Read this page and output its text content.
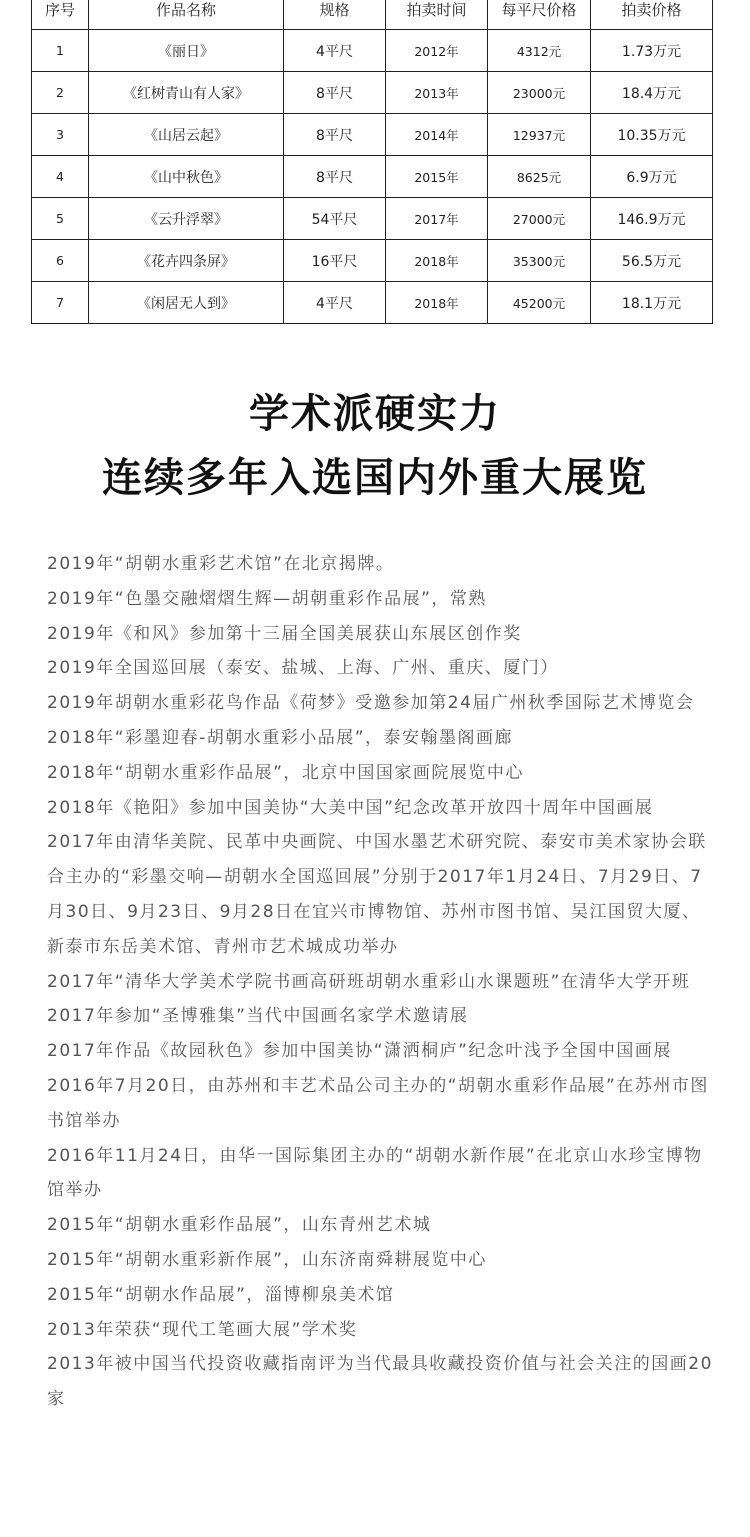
序号	作品名称	规格	拍卖时间	每平尺价格	拍卖价格
1	《丽日》	4平尺	2012年	4312元	1.73万元
2	《红树青山有人家》	8平尺	2013年	23000元	18.4万元
3	《山居云起》	8平尺	2014年	12937元	10.35万元
4	《山中秋色》	8平尺	2015年	8625元	6.9万元
5	《云升浮翠》	54平尺	2017年	27000元	146.9万元
6	《花卉四条屏》	16平尺	2018年	35300元	56.5万元
7	《闲居无人到》	4平尺	2018年	45200元	18.1万元
学术派硬实力
连续多年入选国内外重大展览
2019年“胡朝水重彩艺术馆”在北京揭牌。
2019年“色墨交融熠熠生辉—胡朝重彩作品展”，常熟
2019年《和风》参加第十三届全国美展获山东展区创作奖
2019年全国巡回展（泰安、盐城、上海、广州、重庆、厦门）
2019年胡朝水重彩花鸟作品《荷梦》受邀参加第24届广州秋季国际艺术博览会
2018年“彩墨迎春-胡朝水重彩小品展”，泰安翰墨阁画廊
2018年“胡朝水重彩作品展”，北京中国国家画院展览中心
2018年《艳阳》参加中国美协“大美中国”纪念改革开放四十周年中国画展
2017年由清华美院、民革中央画院、中国水墨艺术研究院、泰安市美术家协会联合主办的“彩墨交响—胡朝水全国巡回展”分别于2017年1月24日、7月29日、7月30日、9月23日、9月28日在宜兴市博物馆、苏州市图书馆、吴江国贸大厦、新泰市东岳美术馆、青州市艺术城成功举办
2017年“清华大学美术学院书画高研班胡朝水重彩山水课题班”在清华大学开班
2017年参加“圣博雅集”当代中国画名家学术邀请展
2017年作品《故园秋色》参加中国美协“潇洒桐庐”纪念叶浅予全国中国画展
2016年7月20日，由苏州和丰艺术品公司主办的“胡朝水重彩作品展”在苏州市图书馆举办
2016年11月24日，由华一国际集团主办的“胡朝水新作展”在北京山水珍宝博物馆举办
2015年“胡朝水重彩作品展”，山东青州艺术城
2015年“胡朝水重彩新作展”，山东济南舜耕展览中心
2015年“胡朝水作品展”，淄博柳泉美术馆
2013年荣获“现代工笔画大展”学术奖
2013年被中国当代投资收藏指南评为当代最具收藏投资价值与社会关注的国画20家
